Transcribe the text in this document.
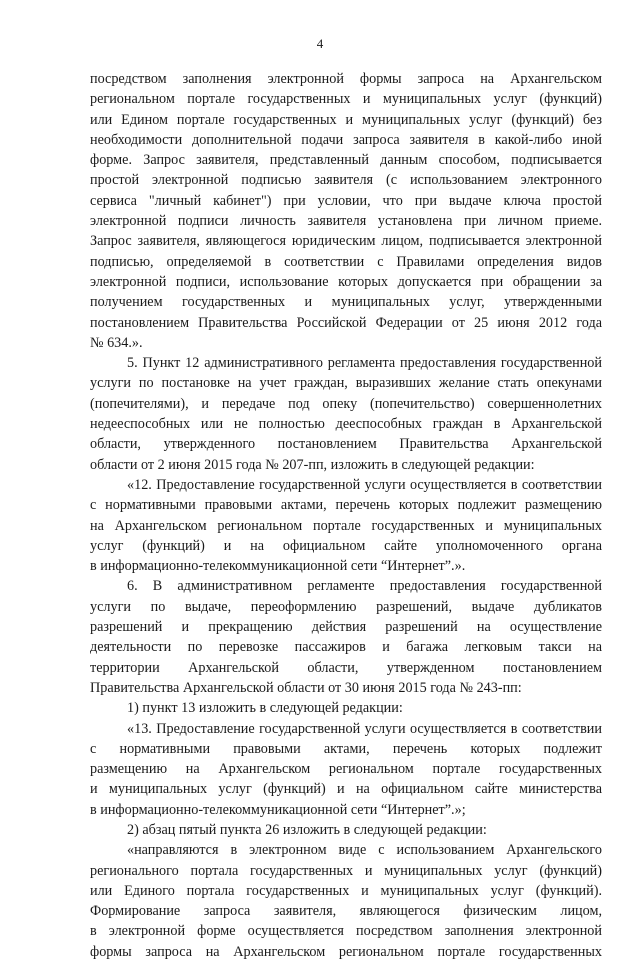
4
посредством заполнения электронной формы запроса на Архангельском
региональном портале государственных и муниципальных услуг (функций)
или Едином портале государственных и муниципальных услуг (функций) без
необходимости дополнительной подачи запроса заявителя в какой-либо иной
форме. Запрос заявителя, представленный данным способом, подписывается
простой электронной подписью заявителя (с использованием электронного
сервиса "личный кабинет") при условии, что при выдаче ключа простой
электронной подписи личность заявителя установлена при личном приеме.
Запрос заявителя, являющегося юридическим лицом, подписывается электронной
подписью, определяемой в соответствии с Правилами определения видов
электронной подписи, использование которых допускается при обращении за
получением государственных и муниципальных услуг, утвержденными
постановлением Правительства Российской Федерации от 25 июня 2012 года
№ 634.».
5. Пункт 12 административного регламента предоставления государственной
услуги по постановке на учет граждан, выразивших желание стать опекунами
(попечителями), и передаче под опеку (попечительство) совершеннолетних
недееспособных или не полностью дееспособных граждан в Архангельской
области, утвержденного постановлением Правительства Архангельской
области от 2 июня 2015 года № 207-пп, изложить в следующей редакции:
«12. Предоставление государственной услуги осуществляется в соответствии
с нормативными правовыми актами, перечень которых подлежит размещению
на Архангельском региональном портале государственных и муниципальных
услуг (функций) и на официальном сайте уполномоченного органа
в информационно-телекоммуникационной сети “Интернет”.».
6. В административном регламенте предоставления государственной
услуги по выдаче, переоформлению разрешений, выдаче дубликатов
разрешений и прекращению действия разрешений на осуществление
деятельности по перевозке пассажиров и багажа легковым такси на
территории Архангельской области, утвержденном постановлением
Правительства Архангельской области от 30 июня 2015 года № 243-пп:
1) пункт 13 изложить в следующей редакции:
«13. Предоставление государственной услуги осуществляется в соответствии
с нормативными правовыми актами, перечень которых подлежит
размещению на Архангельском региональном портале государственных
и муниципальных услуг (функций) и на официальном сайте министерства
в информационно-телекоммуникационной сети “Интернет”.»;
2) абзац пятый пункта 26 изложить в следующей редакции:
«направляются в электронном виде с использованием Архангельского
регионального портала государственных и муниципальных услуг (функций)
или Единого портала государственных и муниципальных услуг (функций).
Формирование запроса заявителя, являющегося физическим лицом,
в электронной форме осуществляется посредством заполнения электронной
формы запроса на Архангельском региональном портале государственных
